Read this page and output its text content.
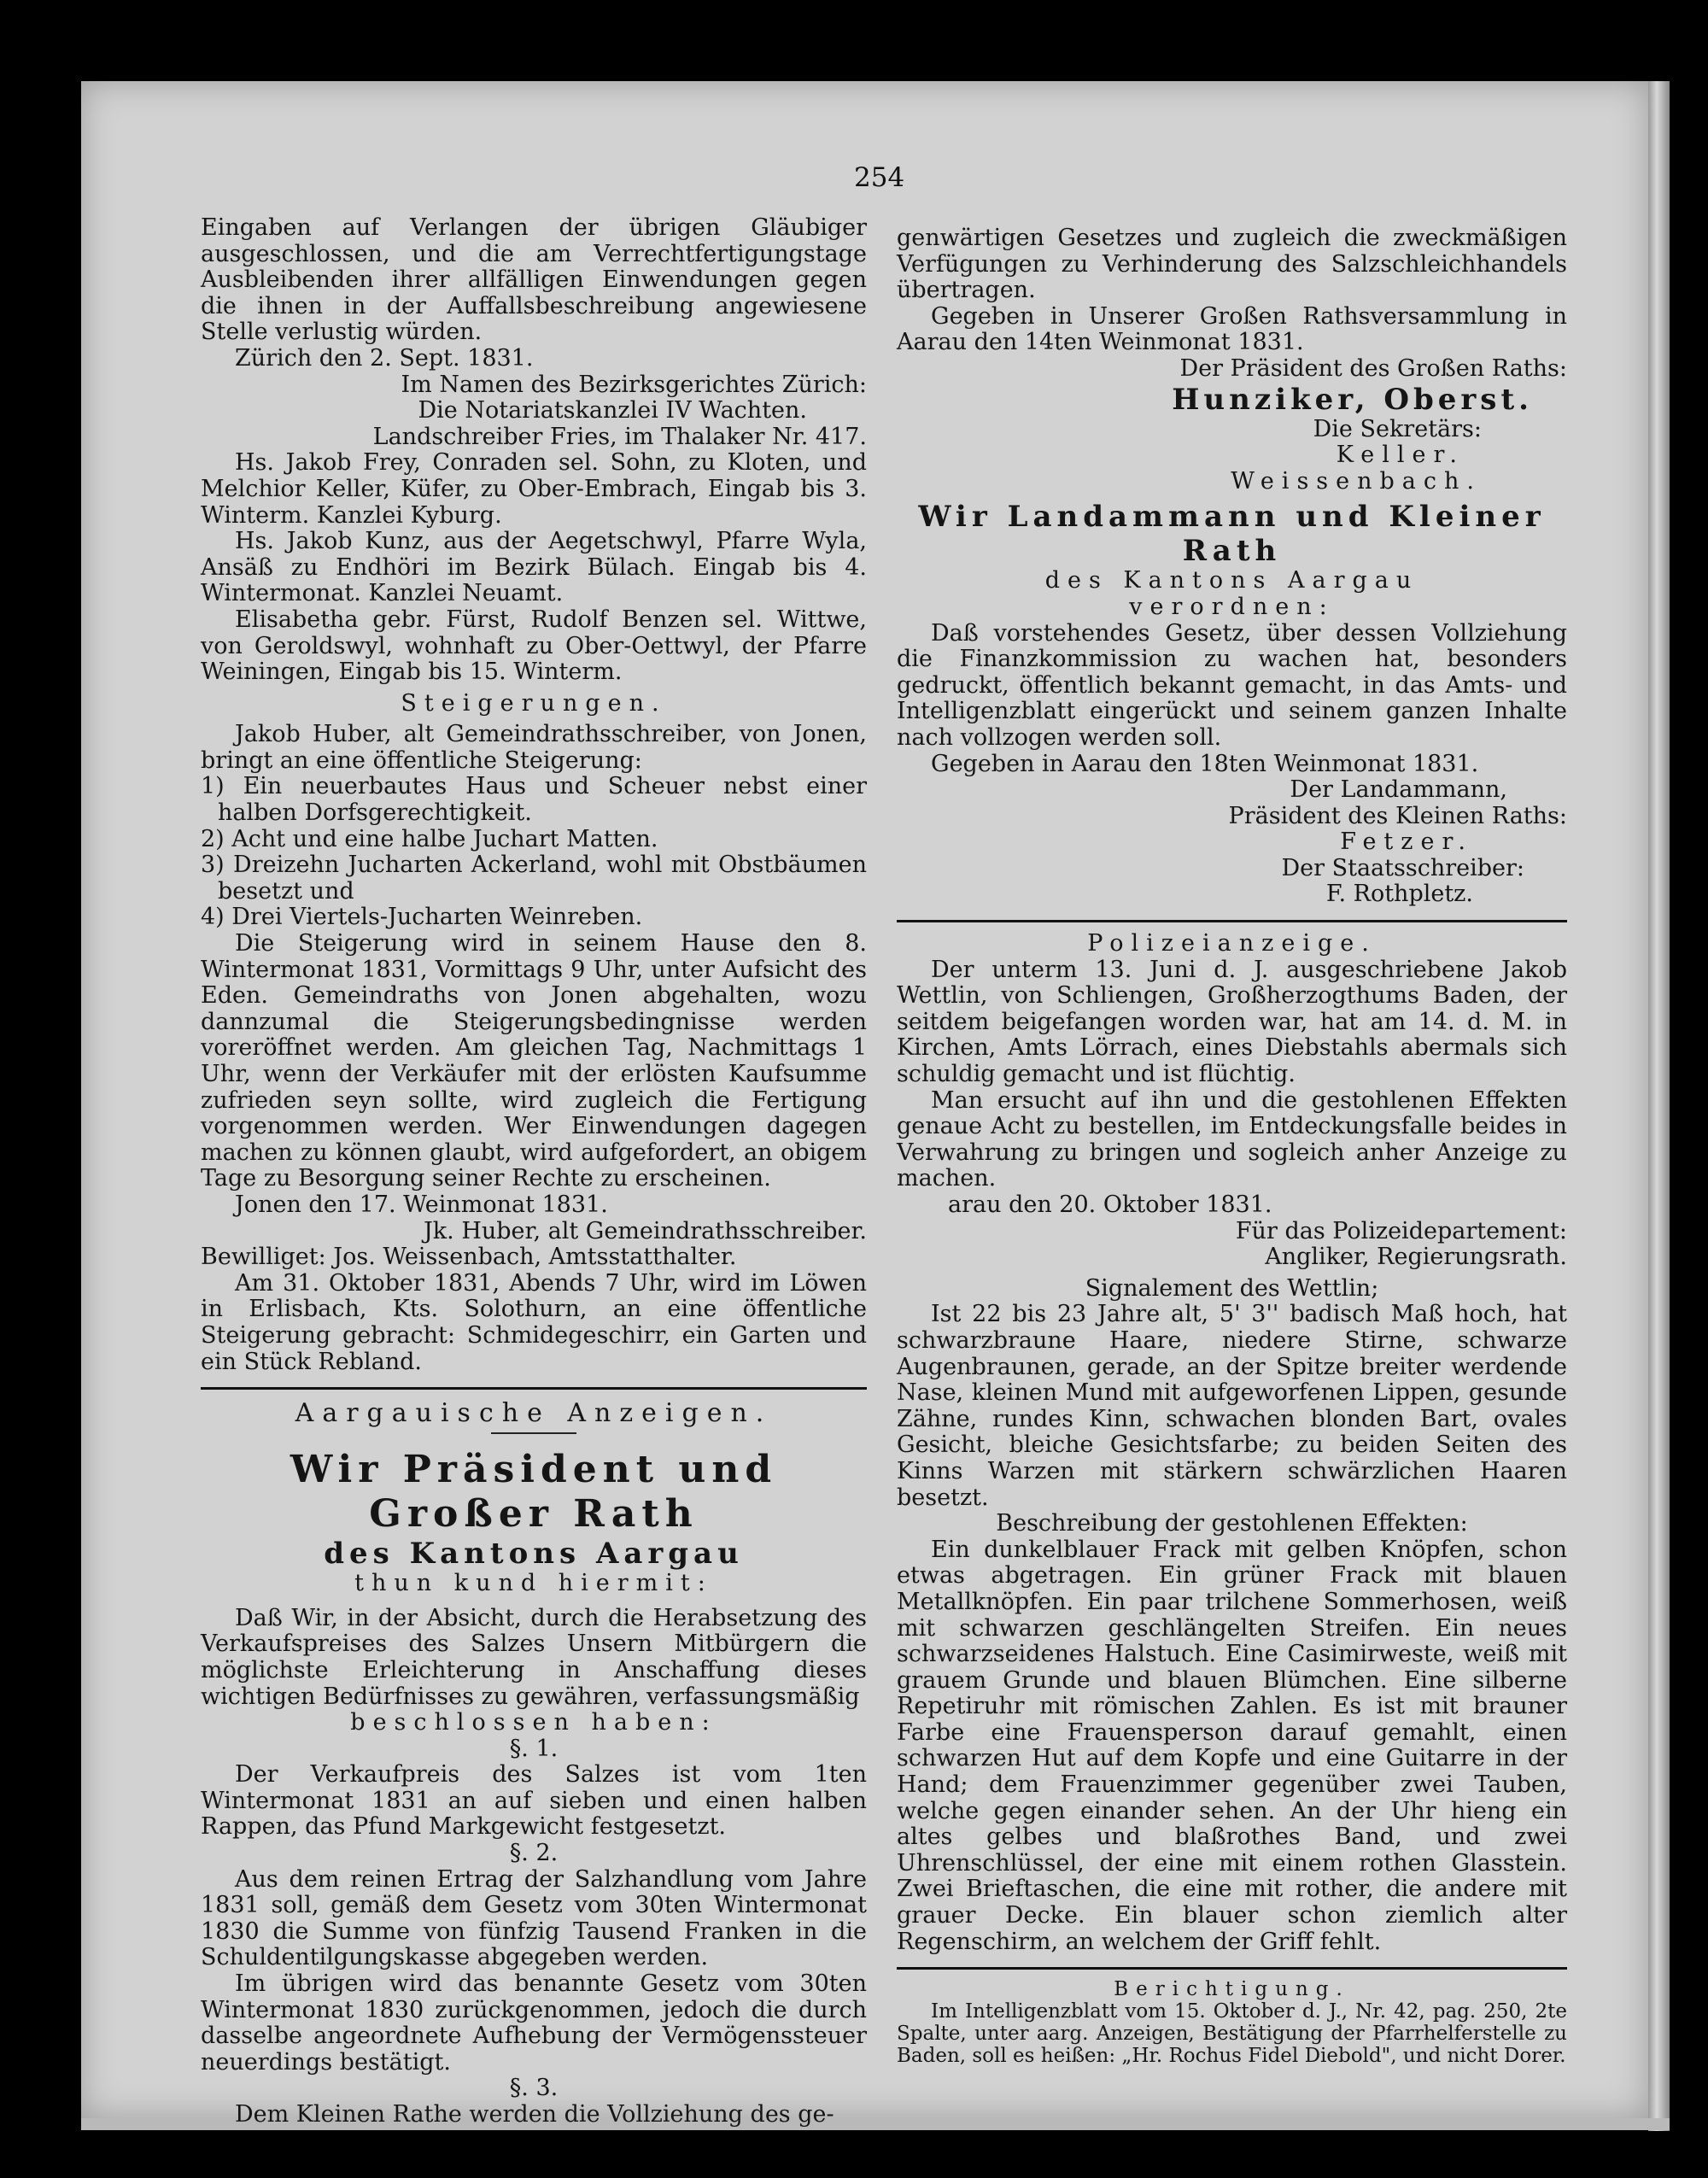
254

Eingaben auf Verlangen der übrigen Gläubiger ausgeschlossen, und die am Verrechtfertigungstage Ausbleibenden ihrer allfälligen Einwendungen gegen die ihnen in der Auffallsbeschreibung angewiesene Stelle verlustig würden.

Zürich den 2. Sept. 1831.

Im Namen des Bezirksgerichtes Zürich:

Die Notariatskanzlei IV Wachten.

Landschreiber Fries, im Thalaker Nr. 417.

Hs. Jakob Frey, Conraden sel. Sohn, zu Kloten, und Melchior Keller, Küfer, zu Ober-Embrach, Eingab bis 3. Winterm. Kanzlei Kyburg.

Hs. Jakob Kunz, aus der Aegetschwyl, Pfarre Wyla, Ansäß zu Endhöri im Bezirk Bülach. Eingab bis 4. Wintermonat. Kanzlei Neuamt.

Elisabetha gebr. Fürst, Rudolf Benzen sel. Wittwe, von Geroldswyl, wohnhaft zu Ober-Oettwyl, der Pfarre Weiningen, Eingab bis 15. Winterm.

Steigerungen.

Jakob Huber, alt Gemeindrathsschreiber, von Jonen, bringt an eine öffentliche Steigerung:

1) Ein neuerbautes Haus und Scheuer nebst einer halben Dorfsgerechtigkeit.

2) Acht und eine halbe Juchart Matten.

3) Dreizehn Jucharten Ackerland, wohl mit Obstbäumen besetzt und

4) Drei Viertels-Jucharten Weinreben.

Die Steigerung wird in seinem Hause den 8. Wintermonat 1831, Vormittags 9 Uhr, unter Aufsicht des Eden. Gemeindraths von Jonen abgehalten, wozu dannzumal die Steigerungsbedingnisse werden voreröffnet werden. Am gleichen Tag, Nachmittags 1 Uhr, wenn der Verkäufer mit der erlösten Kaufsumme zufrieden seyn sollte, wird zugleich die Fertigung vorgenommen werden. Wer Einwendungen dagegen machen zu können glaubt, wird aufgefordert, an obigem Tage zu Besorgung seiner Rechte zu erscheinen.

Jonen den 17. Weinmonat 1831.

Jk. Huber, alt Gemeindrathsschreiber.

Bewilliget: Jos. Weissenbach, Amtsstatthalter.

Am 31. Oktober 1831, Abends 7 Uhr, wird im Löwen in Erlisbach, Kts. Solothurn, an eine öffentliche Steigerung gebracht: Schmidegeschirr, ein Garten und ein Stück Rebland.

Aargauische Anzeigen.

Wir Präsident und Großer Rath

des Kantons Aargau

thun kund hiermit:

Daß Wir, in der Absicht, durch die Herabsetzung des Verkaufspreises des Salzes Unsern Mitbürgern die möglichste Erleichterung in Anschaffung dieses wichtigen Bedürfnisses zu gewähren, verfassungsmäßig

beschlossen haben:

§. 1.

Der Verkaufpreis des Salzes ist vom 1ten Wintermonat 1831 an auf sieben und einen halben Rappen, das Pfund Markgewicht festgesetzt.

§. 2.

Aus dem reinen Ertrag der Salzhandlung vom Jahre 1831 soll, gemäß dem Gesetz vom 30ten Wintermonat 1830 die Summe von fünfzig Tausend Franken in die Schuldentilgungskasse abgegeben werden.

Im übrigen wird das benannte Gesetz vom 30ten Wintermonat 1830 zurückgenommen, jedoch die durch dasselbe angeordnete Aufhebung der Vermögenssteuer neuerdings bestätigt.

§. 3.

Dem Kleinen Rathe werden die Vollziehung des ge-

genwärtigen Gesetzes und zugleich die zweckmäßigen Verfügungen zu Verhinderung des Salzschleichhandels übertragen.

Gegeben in Unserer Großen Rathsversammlung in Aarau den 14ten Weinmonat 1831.

Der Präsident des Großen Raths:

Hunziker, Oberst.

Die Sekretärs:

Keller.

Weissenbach.

Wir Landammann und Kleiner Rath

des Kantons Aargau

verordnen:

Daß vorstehendes Gesetz, über dessen Vollziehung die Finanzkommission zu wachen hat, besonders gedruckt, öffentlich bekannt gemacht, in das Amts- und Intelligenzblatt eingerückt und seinem ganzen Inhalte nach vollzogen werden soll.

Gegeben in Aarau den 18ten Weinmonat 1831.

Der Landammann,

Präsident des Kleinen Raths:

Fetzer.

Der Staatsschreiber:

F. Rothpletz.

Polizeianzeige.

Der unterm 13. Juni d. J. ausgeschriebene Jakob Wettlin, von Schliengen, Großherzogthums Baden, der seitdem beigefangen worden war, hat am 14. d. M. in Kirchen, Amts Lörrach, eines Diebstahls abermals sich schuldig gemacht und ist flüchtig.

Man ersucht auf ihn und die gestohlenen Effekten genaue Acht zu bestellen, im Entdeckungsfalle beides in Verwahrung zu bringen und sogleich anher Anzeige zu machen.

arau den 20. Oktober 1831.

Für das Polizeidepartement:

Angliker, Regierungsrath.

Signalement des Wettlin;

Ist 22 bis 23 Jahre alt, 5' 3'' badisch Maß hoch, hat schwarzbraune Haare, niedere Stirne, schwarze Augenbraunen, gerade, an der Spitze breiter werdende Nase, kleinen Mund mit aufgeworfenen Lippen, gesunde Zähne, rundes Kinn, schwachen blonden Bart, ovales Gesicht, bleiche Gesichtsfarbe; zu beiden Seiten des Kinns Warzen mit stärkern schwärzlichen Haaren besetzt.

Beschreibung der gestohlenen Effekten:

Ein dunkelblauer Frack mit gelben Knöpfen, schon etwas abgetragen. Ein grüner Frack mit blauen Metallknöpfen. Ein paar trilchene Sommerhosen, weiß mit schwarzen geschlängelten Streifen. Ein neues schwarzseidenes Halstuch. Eine Casimirweste, weiß mit grauem Grunde und blauen Blümchen. Eine silberne Repetiruhr mit römischen Zahlen. Es ist mit brauner Farbe eine Frauensperson darauf gemahlt, einen schwarzen Hut auf dem Kopfe und eine Guitarre in der Hand; dem Frauenzimmer gegenüber zwei Tauben, welche gegen einander sehen. An der Uhr hieng ein altes gelbes und blaßrothes Band, und zwei Uhrenschlüssel, der eine mit einem rothen Glasstein. Zwei Brieftaschen, die eine mit rother, die andere mit grauer Decke. Ein blauer schon ziemlich alter Regenschirm, an welchem der Griff fehlt.

Berichtigung.

Im Intelligenzblatt vom 15. Oktober d. J., Nr. 42, pag. 250, 2te Spalte, unter aarg. Anzeigen, Bestätigung der Pfarrhelferstelle zu Baden, soll es heißen: „Hr. Rochus Fidel Diebold", und nicht Dorer.
